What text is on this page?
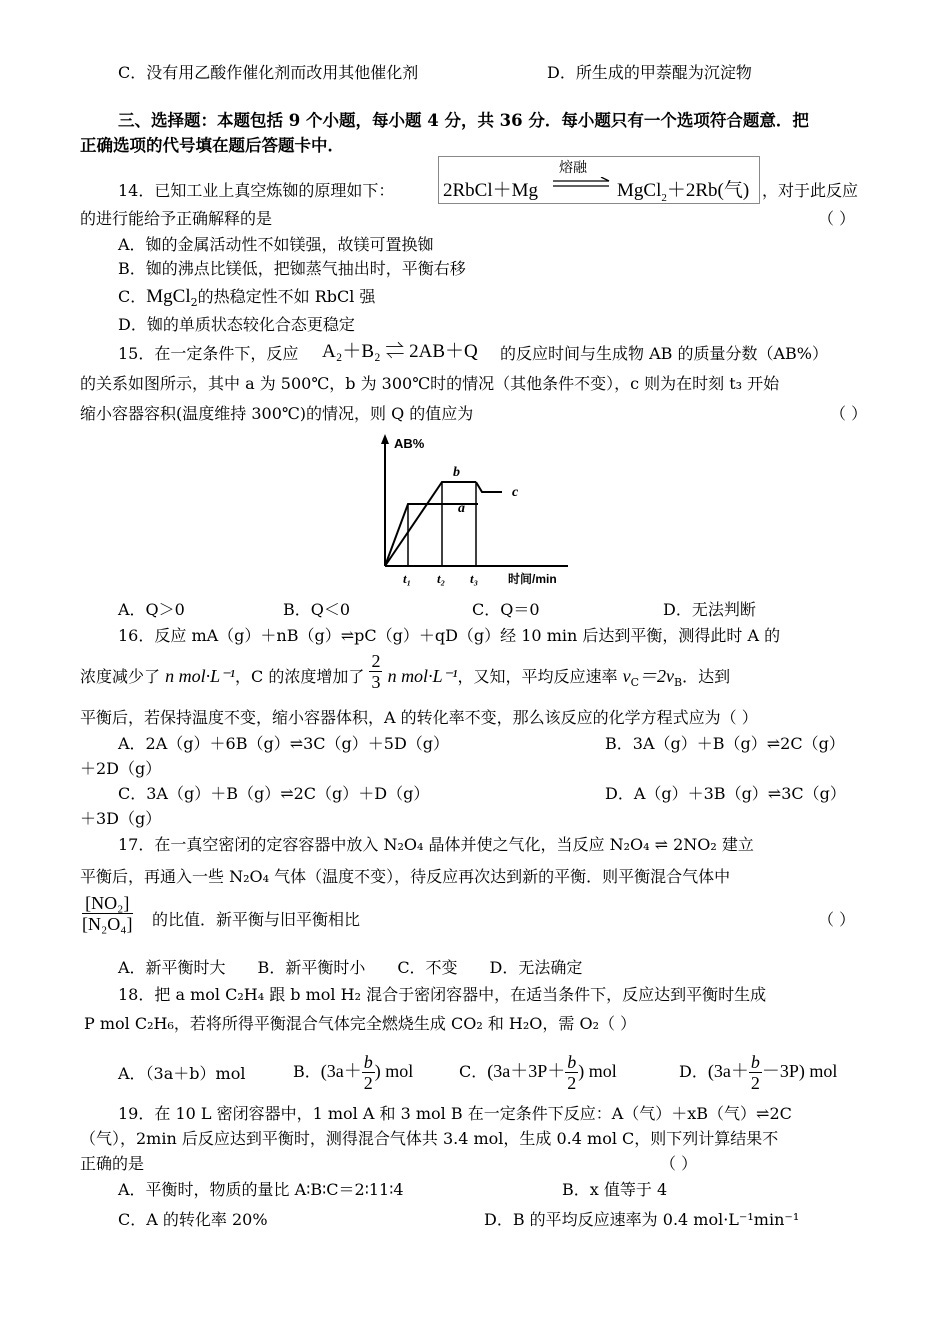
C．没有用乙酸作催化剂而改用其他催化剂	D．所生成的甲萘醌为沉淀物
三、选择题：本题包括 9 个小题，每小题 4 分，共 36 分．每小题只有一个选项符合题意．把
正确选项的代号填在题后答题卡中．
14．已知工业上真空炼铷的原理如下：	2RbCl＋Mg
熔融
MgCl$_2$＋2Rb(气) ，对于此反应
的进行能给予正确解释的是	（ ）
A．铷的金属活动性不如镁强，故镁可置换铷
B．铷的沸点比镁低，把铷蒸气抽出时，平衡右移
C．MgCl$_2$的热稳定性不如 RbCl 强
D．铷的单质状态较化合态更稳定
15．在一定条件下，反应 A₂＋B₂ ⇌ 2AB＋Q 的反应时间与生成物 AB 的质量分数（AB%）
的关系如图所示，其中 a 为 500℃，b 为 300℃时的情况（其他条件不变），c 则为在时刻 t₃ 开始
缩小容器容积(温度维持 300℃)的情况，则 Q 的值应为	（ ）
AB%
b
a
c
t₁ t₂ t₃ 时间/min
A．Q＞0	B．Q＜0	C．Q＝0	D．无法判断
16．反应 mA（g）＋nB（g）⇌pC（g）＋qD（g）经 10 min 后达到平衡，测得此时 A 的
浓度减少了 n mol·L⁻¹，C 的浓度增加了 $\frac{2}{3}$ n mol·L⁻¹，又知，平均反应速率 $v_C=2v_B$．达到
平衡后，若保持温度不变，缩小容器体积，A 的转化率不变，那么该反应的化学方程式应为（ ）
A．2A（g）＋6B（g）⇌3C（g）＋5D（g）	B．3A（g）＋B（g）⇌2C（g）
＋2D（g）
C．3A（g）＋B（g）⇌2C（g）＋D（g）	D．A（g）＋3B（g）⇌3C（g）
＋3D（g）
17．在一真空密闭的定容容器中放入 N₂O₄ 晶体并使之气化，当反应 N₂O₄ ⇌ 2NO₂ 建立
平衡后，再通入一些 N₂O₄ 气体（温度不变），待反应再次达到新的平衡．则平衡混合气体中
$\frac{\text{[NO₂]}}{\text{[N₂O₄]}}$ 的比值．新平衡与旧平衡相比	（ ）
A．新平衡时大　　B．新平衡时小　　C．不变　　D．无法确定
18．把 a mol C₂H₄ 跟 b mol H₂ 混合于密闭容器中，在适当条件下，反应达到平衡时生成
P mol C₂H₆，若将所得平衡混合气体完全燃烧生成 CO₂ 和 H₂O，需 O₂（ ）
A．（3a＋b）mol	B．($3a+ \frac{b}{2}$ ) mol	C．($3a+3P+ \frac{b}{2}$ ) mol	D．$(3a+ \frac{b}{2} -3P)$ mol
19．在 10 L 密闭容器中，1 mol A 和 3 mol B 在一定条件下反应：A（气）＋xB（气）⇌2C
（气），2min 后反应达到平衡时，测得混合气体共 3.4 mol，生成 0.4 mol C，则下列计算结果不
正确的是	（ ）
A．平衡时，物质的量比 A∶B∶C＝2∶11∶4	B．x 值等于 4
C．A 的转化率 20%	D．B 的平均反应速率为 0.4 mol·L⁻¹min⁻¹
